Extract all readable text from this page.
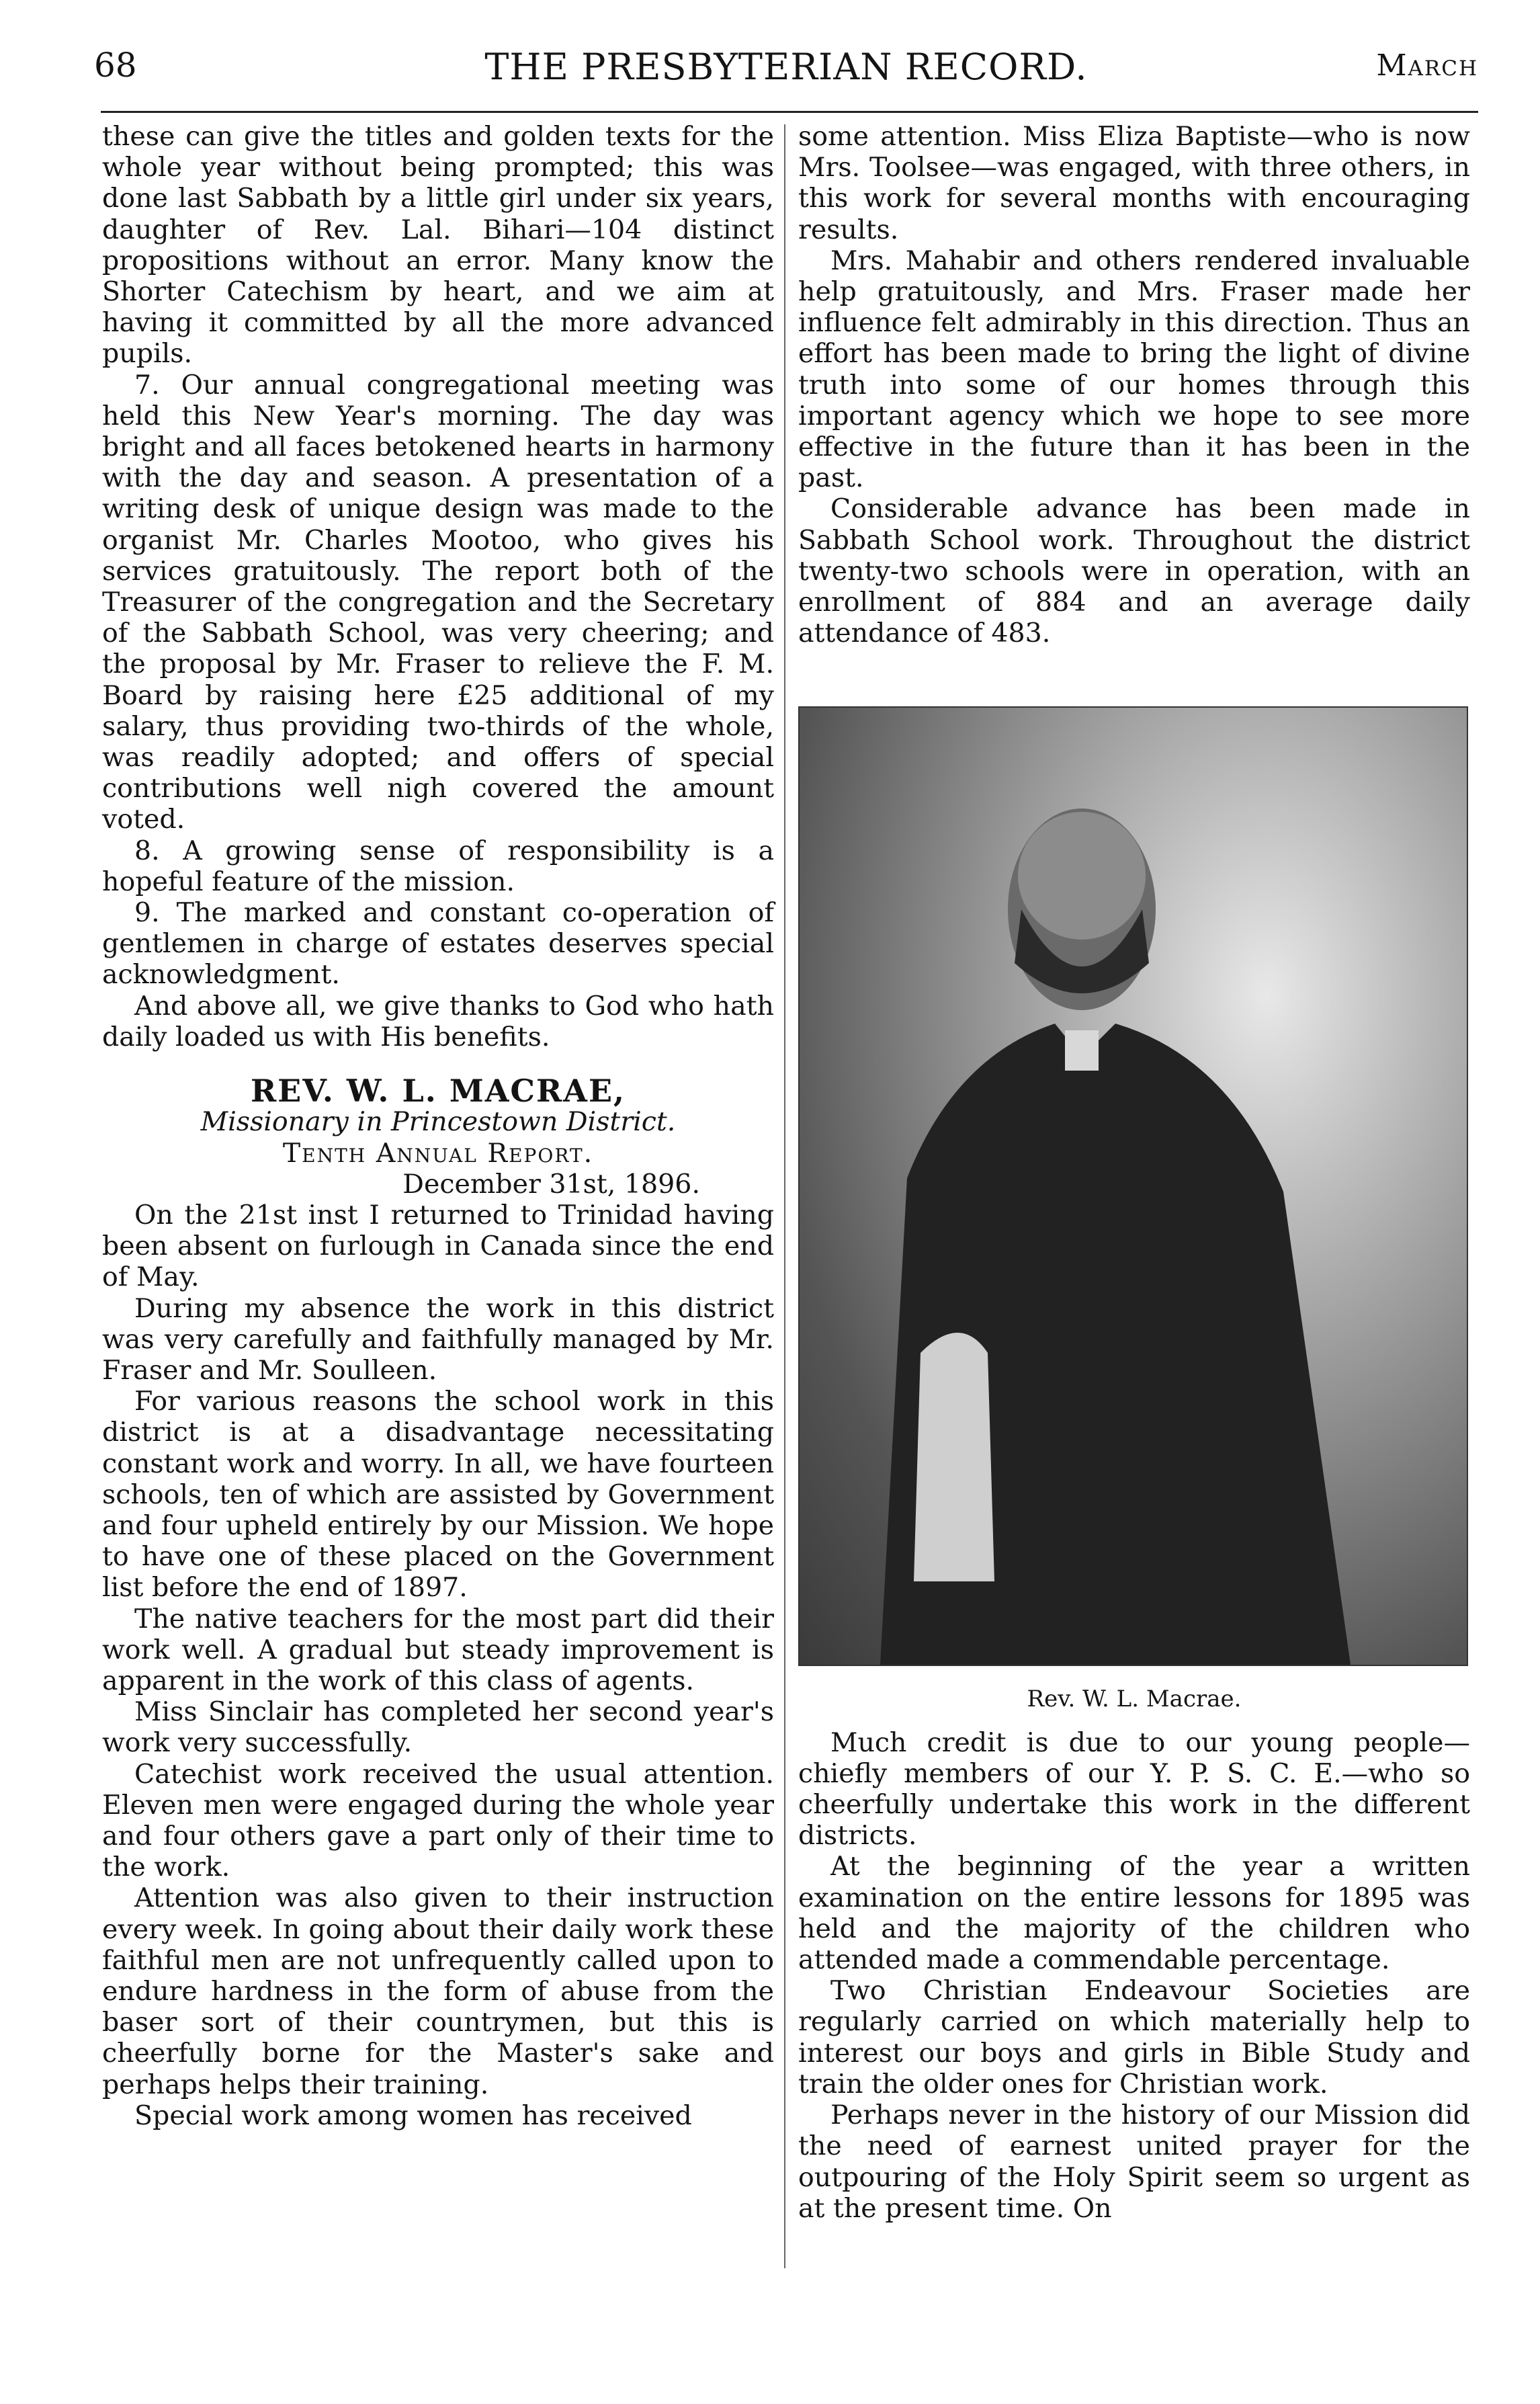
68	THE PRESBYTERIAN RECORD.	March

these can give the titles and golden texts for the whole year without being prompted; this was done last Sabbath by a little girl under six years, daughter of Rev. Lal. Bihari—104 distinct propositions without an error. Many know the Shorter Catechism by heart, and we aim at having it committed by all the more advanced pupils.

7. Our annual congregational meeting was held this New Year's morning. The day was bright and all faces betokened hearts in harmony with the day and season. A presentation of a writing desk of unique design was made to the organist Mr. Charles Mootoo, who gives his services gratuitously. The report both of the Treasurer of the congregation and the Secretary of the Sabbath School, was very cheering; and the proposal by Mr. Fraser to relieve the F. M. Board by raising here £25 additional of my salary, thus providing two-thirds of the whole, was readily adopted; and offers of special contributions well nigh covered the amount voted.

8. A growing sense of responsibility is a hopeful feature of the mission.

9. The marked and constant co-operation of gentlemen in charge of estates deserves special acknowledgment.

And above all, we give thanks to God who hath daily loaded us with His benefits.

REV. W. L. MACRAE,

Missionary in Princestown District.

Tenth Annual Report.

December 31st, 1896.

On the 21st inst I returned to Trinidad having been absent on furlough in Canada since the end of May.

During my absence the work in this district was very carefully and faithfully managed by Mr. Fraser and Mr. Soulleen.

For various reasons the school work in this district is at a disadvantage necessitating constant work and worry. In all, we have fourteen schools, ten of which are assisted by Government and four upheld entirely by our Mission. We hope to have one of these placed on the Government list before the end of 1897.

The native teachers for the most part did their work well. A gradual but steady improvement is apparent in the work of this class of agents.

Miss Sinclair has completed her second year's work very successfully.

Catechist work received the usual attention. Eleven men were engaged during the whole year and four others gave a part only of their time to the work.

Attention was also given to their instruction every week. In going about their daily work these faithful men are not unfrequently called upon to endure hardness in the form of abuse from the baser sort of their countrymen, but this is cheerfully borne for the Master's sake and perhaps helps their training.

Special work among women has received

some attention. Miss Eliza Baptiste—who is now Mrs. Toolsee—was engaged, with three others, in this work for several months with encouraging results.

Mrs. Mahabir and others rendered invaluable help gratuitously, and Mrs. Fraser made her influence felt admirably in this direction. Thus an effort has been made to bring the light of divine truth into some of our homes through this important agency which we hope to see more effective in the future than it has been in the past.

Considerable advance has been made in Sabbath School work. Throughout the district twenty-two schools were in operation, with an enrollment of 884 and an average daily attendance of 483.

Rev. W. L. Macrae.

Much credit is due to our young people—chiefly members of our Y. P. S. C. E.—who so cheerfully undertake this work in the different districts.

At the beginning of the year a written examination on the entire lessons for 1895 was held and the majority of the children who attended made a commendable percentage.

Two Christian Endeavour Societies are regularly carried on which materially help to interest our boys and girls in Bible Study and train the older ones for Christian work.

Perhaps never in the history of our Mission did the need of earnest united prayer for the outpouring of the Holy Spirit seem so urgent as at the present time. On
